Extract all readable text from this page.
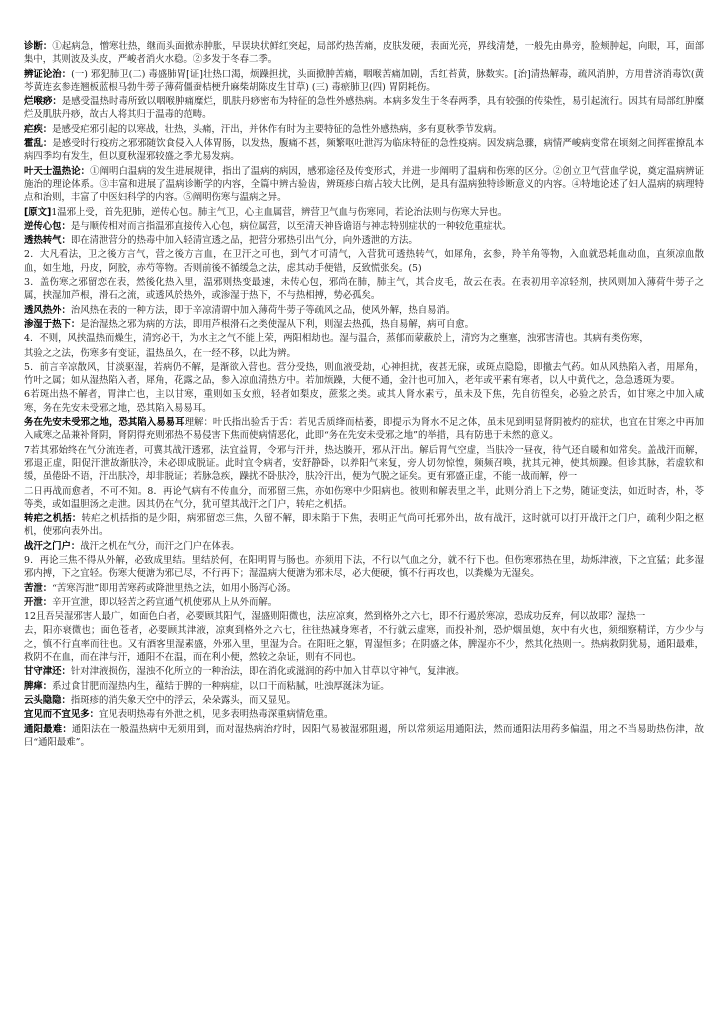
诊断：①起病急，憎寒壮热，继而头面掀赤肿胀，早误块状鲜红突起，局部灼热苦痛，皮肤发硬，表面光亮，界线清楚，一般先由鼻旁，脸颊肿起，向眼，耳，面部集中，其则波及头皮，严峻者消火水稳。②多发于冬春二季。

辨证论治：(一) 邪犯肺卫(二) 毒盛肺胃[证]壮热口渴，烦躁担扰，头面掀肿苦痛，咽喉苦痛加剧，舌红苔黄，脉数实。[治]清热解毒，疏风消肿，方用普济消毒饮(黄芩黄连玄参连翘板蓝根马勃牛蒡子薄荷僵蚕桔梗升麻柴胡陈皮生甘草) (三) 毒瘀肺卫(四) 胃阴耗伤。

烂喉痧：是感受温热时毒所致以咽喉肿痛糜烂，肌肤丹痧密布为特征的急性外感热病。本病多发生于冬春两季，具有较强的传染性，易引起流行。因其有局部红肿糜烂及肌肤丹痧，故古人将其归于温毒的范畴。

疟疾：是感受疟邪引起的以寒战，壮热，头痛，汗出，并休作有时为主要特征的急性外感热病，多有夏秋季节发病。

霍乱：是感受时行疫疠之邪邪随饮食侵入人体胃肠，以发热，腹痛不甚，频繁呕吐泄泻为临床特征的急性疫病。因发病急骤，病情严峻病变常在顷刻之间挥霍撩乱本病四季均有发生，但以夏秋湿邪较盛之季尤易发病。

叶天士温热论：①阐明白温病的发生进展规律，指出了温病的病因，感邪途径及传变形式，并进一步阐明了温病和伤寒的区分。②创立卫气营血学说，奠定温病辨证施治的理论体系。③丰富和进展了温病诊断学的内容，全篇中辨古验齿，辨斑疹白痦占较大比例，是具有温病独特诊断意义的内容。④特地论述了妇人温病的病理特点和治则，丰富了中医妇科学的内容。⑤阐明伤寒与温病之异。

[原文]1温邪上受，首先犯肺，逆传心包。肺主气卫，心主血属营，辨营卫气血与伤寒同，若论治法则与伤寒大异也。

逆传心包：是与顺传相对而言指温邪直接传入心包，病位属营，以至清天神昏谵语与神志特别症状的一种较危重症状。

透热转气：即在清泄营分的热毒中加入轻清宣透之品，把营分邪热引出气分，向外透泄的方法。

2．大凡看法，卫之後方言气，营之後方言血，在卫汗之可也，到气才可清气，入营犹可透热转气，如犀角，玄参，羚羊角等物，入血就恐耗血动血，直须凉血散血，如生地，丹皮，阿胶，赤芍等物。否则前後不循缓急之法，虑其动手便错，反致慌张矣。(5)

3．盖伤寒之邪留恋在表，然後化热入里，温邪则热变最速，未传心包，邪尚在肺，肺主气，其合皮毛，故云在表。在表初用辛凉轻剂，挟风则加入薄荷牛蒡子之属，挟湿加芦根，滑石之流，或透风於热外，或渗湿于热下，不与热相搏，势必孤矣。

透风热外：治风热在表的一种方法，即于辛凉清谓中加入薄荷牛蒡子等疏风之品，使风外解，热自易消。

渗湿于热下：是治湿热之邪为病的方法，即用芦根滑石之类使湿从下利，则湿去热孤，热自易解，病可自愈。

4．不则，风挟温热而燥生，清窍必干，为水主之气不能上荣，两阳相劫也。湿与温合，蒸郁而蒙蔽於上，清窍为之壅塞，浊邪害清也。其病有类伤寒，

其验之之法，伤寒多有变证，温热虽久，在一经不移，以此为辨。

5．前言辛凉散风，甘淡驱湿，若病仍不解，是渐欲入营也。营分受热，则血液受劫，心神担扰，夜甚无寐，或斑点隐隐，即撤去气药。如从风热陷入者，用犀角，竹叶之属；如从湿热陷入者，犀角，花露之品，参入凉血清热方中。若加烦躁，大便不通，金汁也可加入，老年或平素有寒者，以人中黄代之，急急透斑为要。

6若斑出热不解者，胃津亡也，主以甘寒，重则如玉女煎，轻者如梨皮，蔗浆之类。或其人肾水素亏，虽未及下焦，先自彷徨矣，必验之於舌，如甘寒之中加入咸寒，务在先安未受邪之地，恐其陷入易易耳。

务在先安未受邪之地，恐其陷入易易耳理解：叶氏指出验舌于舌：若见舌质绛而枯萎，即提示为肾水不足之体，虽未见到明显肾阴被灼的症状，也宜在甘寒之中再加入咸寒之品兼补肾阴，肾阴得充则邪热不易侵害下焦而使病情恶化，此即“务在先安未受邪之地”的举措，具有防患于未然的意义。

7若其邪始终在气分流连者，可冀其战汗透邪，法宜益胃，令邪与汗并，热达腠开，邪从汗出。解后胃气空虚，当肤冷一昼夜，待气还自暖和如常矣。盖战汗而解，邪退正虚，阳促汗泄故渐肤冷，未必即成脱证。此时宜令病者，安舒静卧，以养阳气来复，旁人切勿惊惶，频频召唤，扰其元神，使其烦躁。但诊其脉，若虚软和缓，虽倦卧不语，汗出肤冷，却非脱证；若脉急疾，躁扰不卧肤冷，肤冷汗出，便为气脱之证矣。更有邪盛正虚，不能一战而解，停一

二日再战而愈者，不可不知。8．再论气病有不传血分，而邪留三焦，亦如伤寒中少阳病也。彼则和解表里之半，此则分消上下之势，随证变法，如近时杏，朴，苓等类，或如温胆汤之走泄。因其仍在气分，犹可望其战汗之门户，转疟之机括。

转疟之机括：转疟之机括指的是少阳，病邪留恋三焦，久留不解，即未陷于下焦，表明正气尚可托邪外出，故有战汗，这时就可以打开战汗之门户，疏利少阳之枢机，使邪向表外出。

战汗之门户：战汗之机在气分，而汗之门户在体表。

9．再论三焦不得从外解，必致成里结。里结於何，在阳明胃与肠也。亦须用下法，不行以气血之分，就不行下也。但伤寒邪热在里，劫烁津液，下之宜猛；此多湿邪内搏，下之宜轻。伤寒大便溏为邪已尽，不行再下；湿温病大便溏为邪未尽，必大便硬，慎不行再攻也，以粪燥为无湿矣。

苦泄：“苦寒泻泄”即用苦寒药或降泄里热之法，如用小肠泻心汤。

开泄：辛开宣泄，即以轻苦之药宣通气机使邪从上从外而解。

12且吾吴湿邪害人最广，如面色白者，必要顾其阳气，湿盛则阳微也，法应凉爽，然到格外之六七，即不行遏於寒凉，恐成功反弃，何以故耶？湿热一

去，阳亦衰微也；面色苍者，必要顾其津液，凉爽到格外之六七，往往热减身寒者，不行就云虚寒，而投补剂，恐炉烟虽熄，灰中有火也，须细察精详，方少少与之，慎不行直率而往也。又有酒客里湿素盛，外邪入里，里湿为合。在阳旺之躯，胃湿恒多；在阴盛之体，脾湿亦不少，然其化热则一。热病救阴犹易，通阳最难，救阴不在血，而在津与汗，通阳不在温，而在利小便，然较之杂证，则有不同也。

甘守津还：针对津液损伤，湿浊不化所立的一种治法，即在消化或滋润的药中加入甘草以守神气，复津液。

脾瘅：系过食甘肥而湿热内生，蕴结于脾的一种病症，以口干而粘腻，吐浊厚涎沫为证。

云头隐隐：指斑疹的消失象天空中的浮云，朵朵露头，而又显见。

宜见而不宜见多：宜见表明热毒有外泄之机，见多表明热毒深重病情危重。

通阳最难：通阳法在一般温热病中无须用到，而对湿热病治疗时，因阳气易被湿邪阻遏，所以常须运用通阳法，然而通阳法用药多偏温，用之不当易助热伤津，故曰“通阳最难”。
